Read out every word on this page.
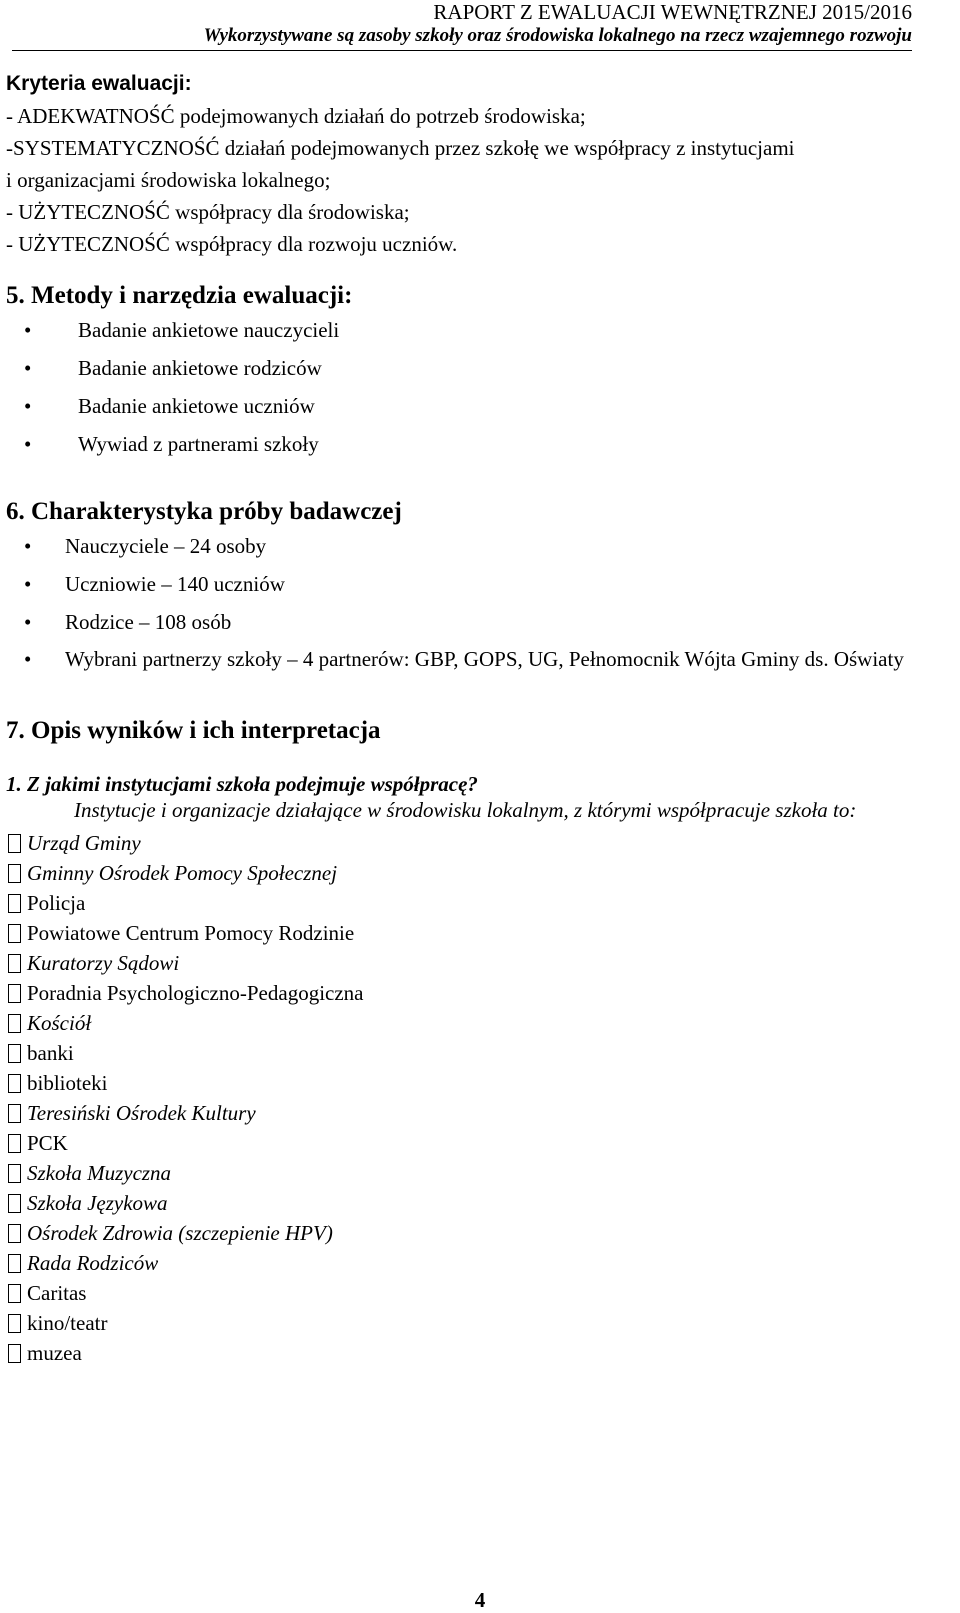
RAPORT Z EWALUACJI WEWNĘTRZNEJ 2015/2016
Wykorzystywane są zasoby szkoły oraz środowiska lokalnego na rzecz wzajemnego rozwoju

Kryteria ewaluacji:

- ADEKWATNOŚĆ podejmowanych działań do potrzeb środowiska;

-SYSTEMATYCZNOŚĆ działań podejmowanych przez szkołę we współpracy z instytucjami

i organizacjami środowiska lokalnego;

- UŻYTECZNOŚĆ współpracy dla środowiska;

- UŻYTECZNOŚĆ współpracy dla rozwoju uczniów.

5. Metody i narzędzia ewaluacji:

• Badanie ankietowe nauczycieli
• Badanie ankietowe rodziców
• Badanie ankietowe uczniów
• Wywiad z partnerami szkoły

6. Charakterystyka próby badawczej

• Nauczyciele – 24 osoby
• Uczniowie – 140 uczniów
• Rodzice – 108 osób
• Wybrani partnerzy szkoły – 4 partnerów: GBP, GOPS, UG, Pełnomocnik Wójta Gminy ds. Oświaty

7. Opis wyników i ich interpretacja

1. Z jakimi instytucjami szkoła podejmuje współpracę?

Instytucje i organizacje działające w środowisku lokalnym, z którymi współpracuje szkoła to:

Urząd Gminy
Gminny Ośrodek Pomocy Społecznej
Policja
Powiatowe Centrum Pomocy Rodzinie
Kuratorzy Sądowi
Poradnia Psychologiczno-Pedagogiczna
Kościół
banki
biblioteki
Teresiński Ośrodek Kultury
PCK
Szkoła Muzyczna
Szkoła Językowa
Ośrodek Zdrowia (szczepienie HPV)
Rada Rodziców
Caritas
kino/teatr
muzea
4
